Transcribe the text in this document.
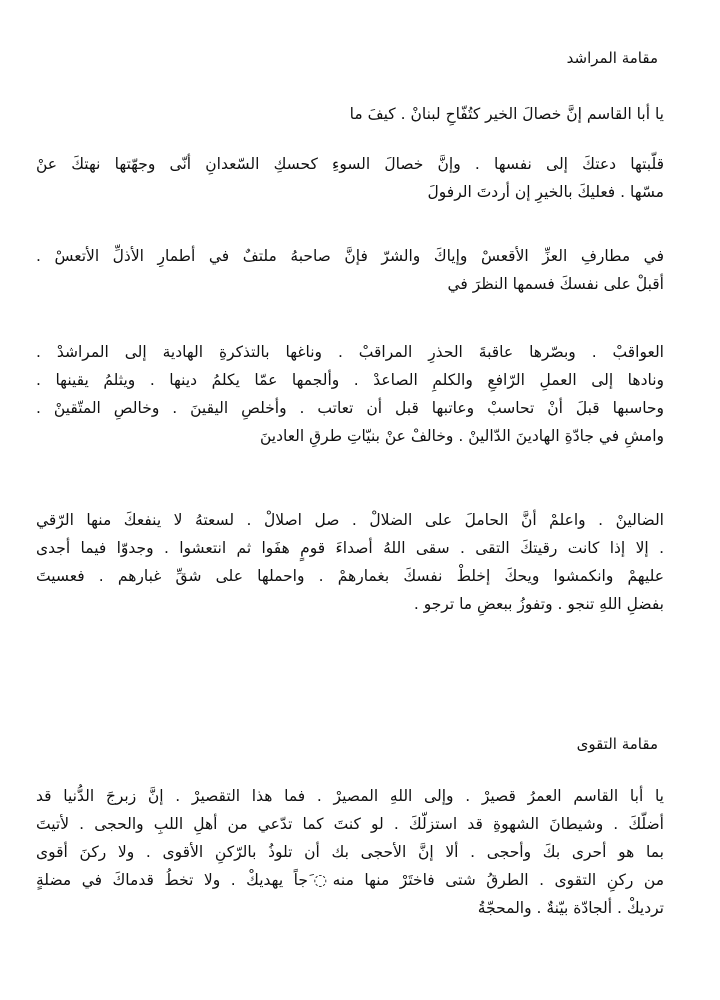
مقامة المراشد
يا أبا القاسم إنَّ خصالَ الخير كتُفّاحِ لبنانْ . كيفَ ما
قلّبتها دعتكَ إلى نفسها . وإنَّ خصالَ السوءِ كحسكِ السّعدانِ أنّى وجهّتها نهتكَ عنْ
مسّها . فعليكَ بالخيرِ إن أردتَ الرفولَ
في مطارفِ العزِّ الأقعسْ وإياكَ والشرّ فإنَّ صاحبهُ ملتفٌ في أطمارِ الأذلِّ الأتعسْ .
أقبلْ على نفسكَ فسمها النظرَ في
العواقبْ . وبصّرها عاقبةَ الحذرِ المراقبْ . وناغها بالتذكرةِ الهادية إلى المراشدْ .
ونادها إلى العملِ الرّافعِ والكلمِ الصاعدْ . وألجمها عمّا يكلمُ دينها . ويثلمُ يقينها .
وحاسبها قبلَ أنْ تحاسبْ وعاتبها قبل أن تعاتب . وأخلصِ اليقينَ . وخالصِ المتّقينْ .
وامشِ في جادّةِ الهادينَ الدّالينْ . وخالفْ عنْ بنيّاتِ طرقِ العادينَ
الضالينْ . واعلمْ أنَّ الحاملَ على الضلالْ . صل اصلالْ . لسعتهُ لا ينفعكَ منها الرّقي
. إلا إذا كانت رقيتكَ التقى . سقى اللهُ أصداءَ قومٍ هفَوا ثم انتعشوا . وجدوّا فيما أجدى
عليهمْ وانكمشوا ويحكَ إخلطْ نفسكَ بغمارهمْ . واحملها على شقِّ غبارهم . فعسيتَ
بفضلِ اللهِ تنجو . وتفوزُ ببعضِ ما ترجو .
مقامة التقوى
يا أبا القاسم العمرُ قصيرْ . وإلى اللهِ المصيرْ . فما هذا التقصيرْ . إنَّ زبرجَ الدُّنيا قد
أضلّكَ . وشيطانَ الشهوةِ قد استزلّكَ . لو كنتَ كما تدّعي من أهلِ اللبِ والحجى . لأتيتَ
بما هو أحرى بكَ وأحجى . ألا إنَّ الأحجى بك أن تلوذُ بالرّكنِ الأقوى . ولا ركنَ أقوى
من ركنِ التقوى . الطرقُ شتى فاختَرْ منها منه◌َجاً يهديكْ . ولا تخطُ قدماكَ في مضلةٍ
ترديكْ . ألجادّة بيّنةٌ . والمحجّةُ
